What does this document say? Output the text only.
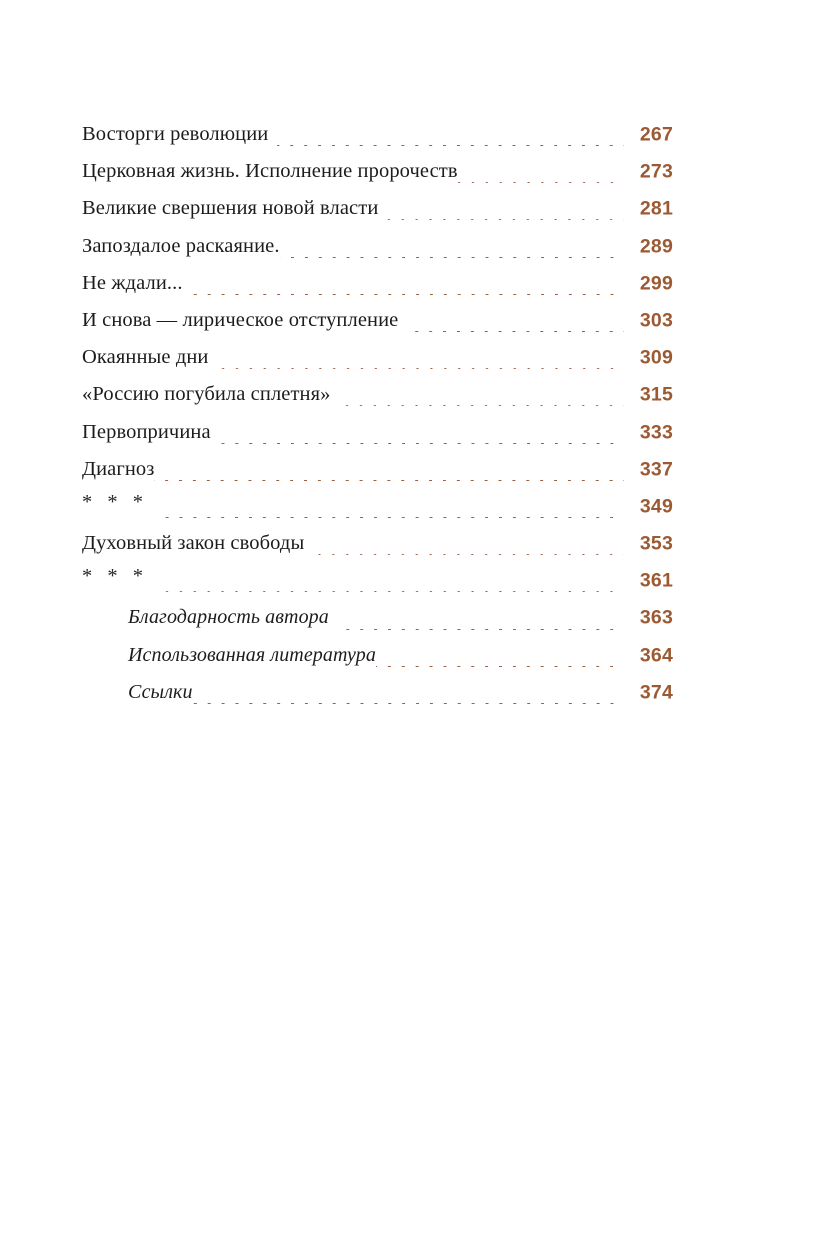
Восторги революции	267
Церковная жизнь. Исполнение пророчеств	273
Великие свершения новой власти	281
Запоздалое раскаяние.	289
Не ждали...	299
И снова — лирическое отступление	303
Окаянные дни	309
«Россию погубила сплетня»	315
Первопричина	333
Диагноз	337
* * *	349
Духовный закон свободы	353
* * *	361
Благодарность автора	363
Использованная литература	364
Ссылки	374
